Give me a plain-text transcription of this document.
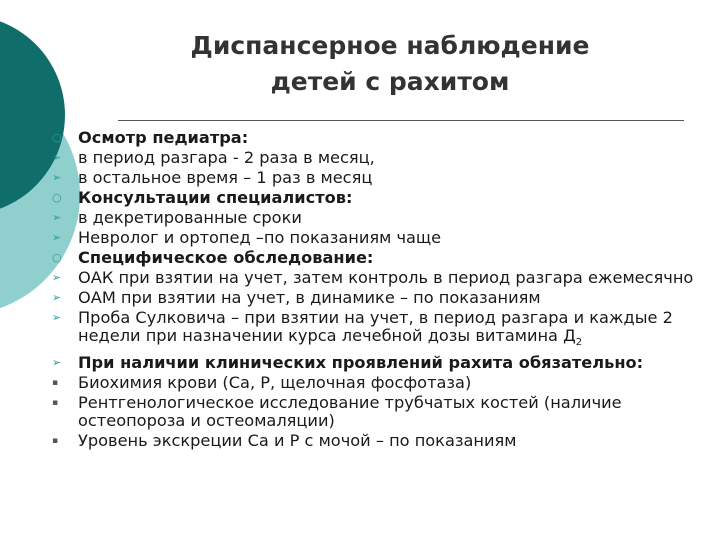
Диспансерное наблюдение
детей с рахитом
○	Осмотр педиатра:
➢	в период разгара - 2 раза в месяц,
➢	в остальное время – 1 раз в месяц
○	Консультации специалистов:
➢	в декретированные сроки
➢	Невролог и ортопед –по показаниям чаще
○	Специфическое обследование:
➢	ОАК при взятии на учет, затем контроль в период разгара ежемесячно
➢	ОАМ при взятии на учет, в динамике – по показаниям
➢	Проба Сулковича – при взятии на учет, в период разгара и каждые 2 недели при назначении курса лечебной дозы витамина $Д_2$
➢	При наличии клинических проявлений рахита обязательно:
▪	Биохимия крови (Са, Р, щелочная фосфотаза)
▪	Рентгенологическое исследование трубчатых костей (наличие остеопороза и остеомаляции)
▪	Уровень экскреции Са и Р с мочой – по показаниям
